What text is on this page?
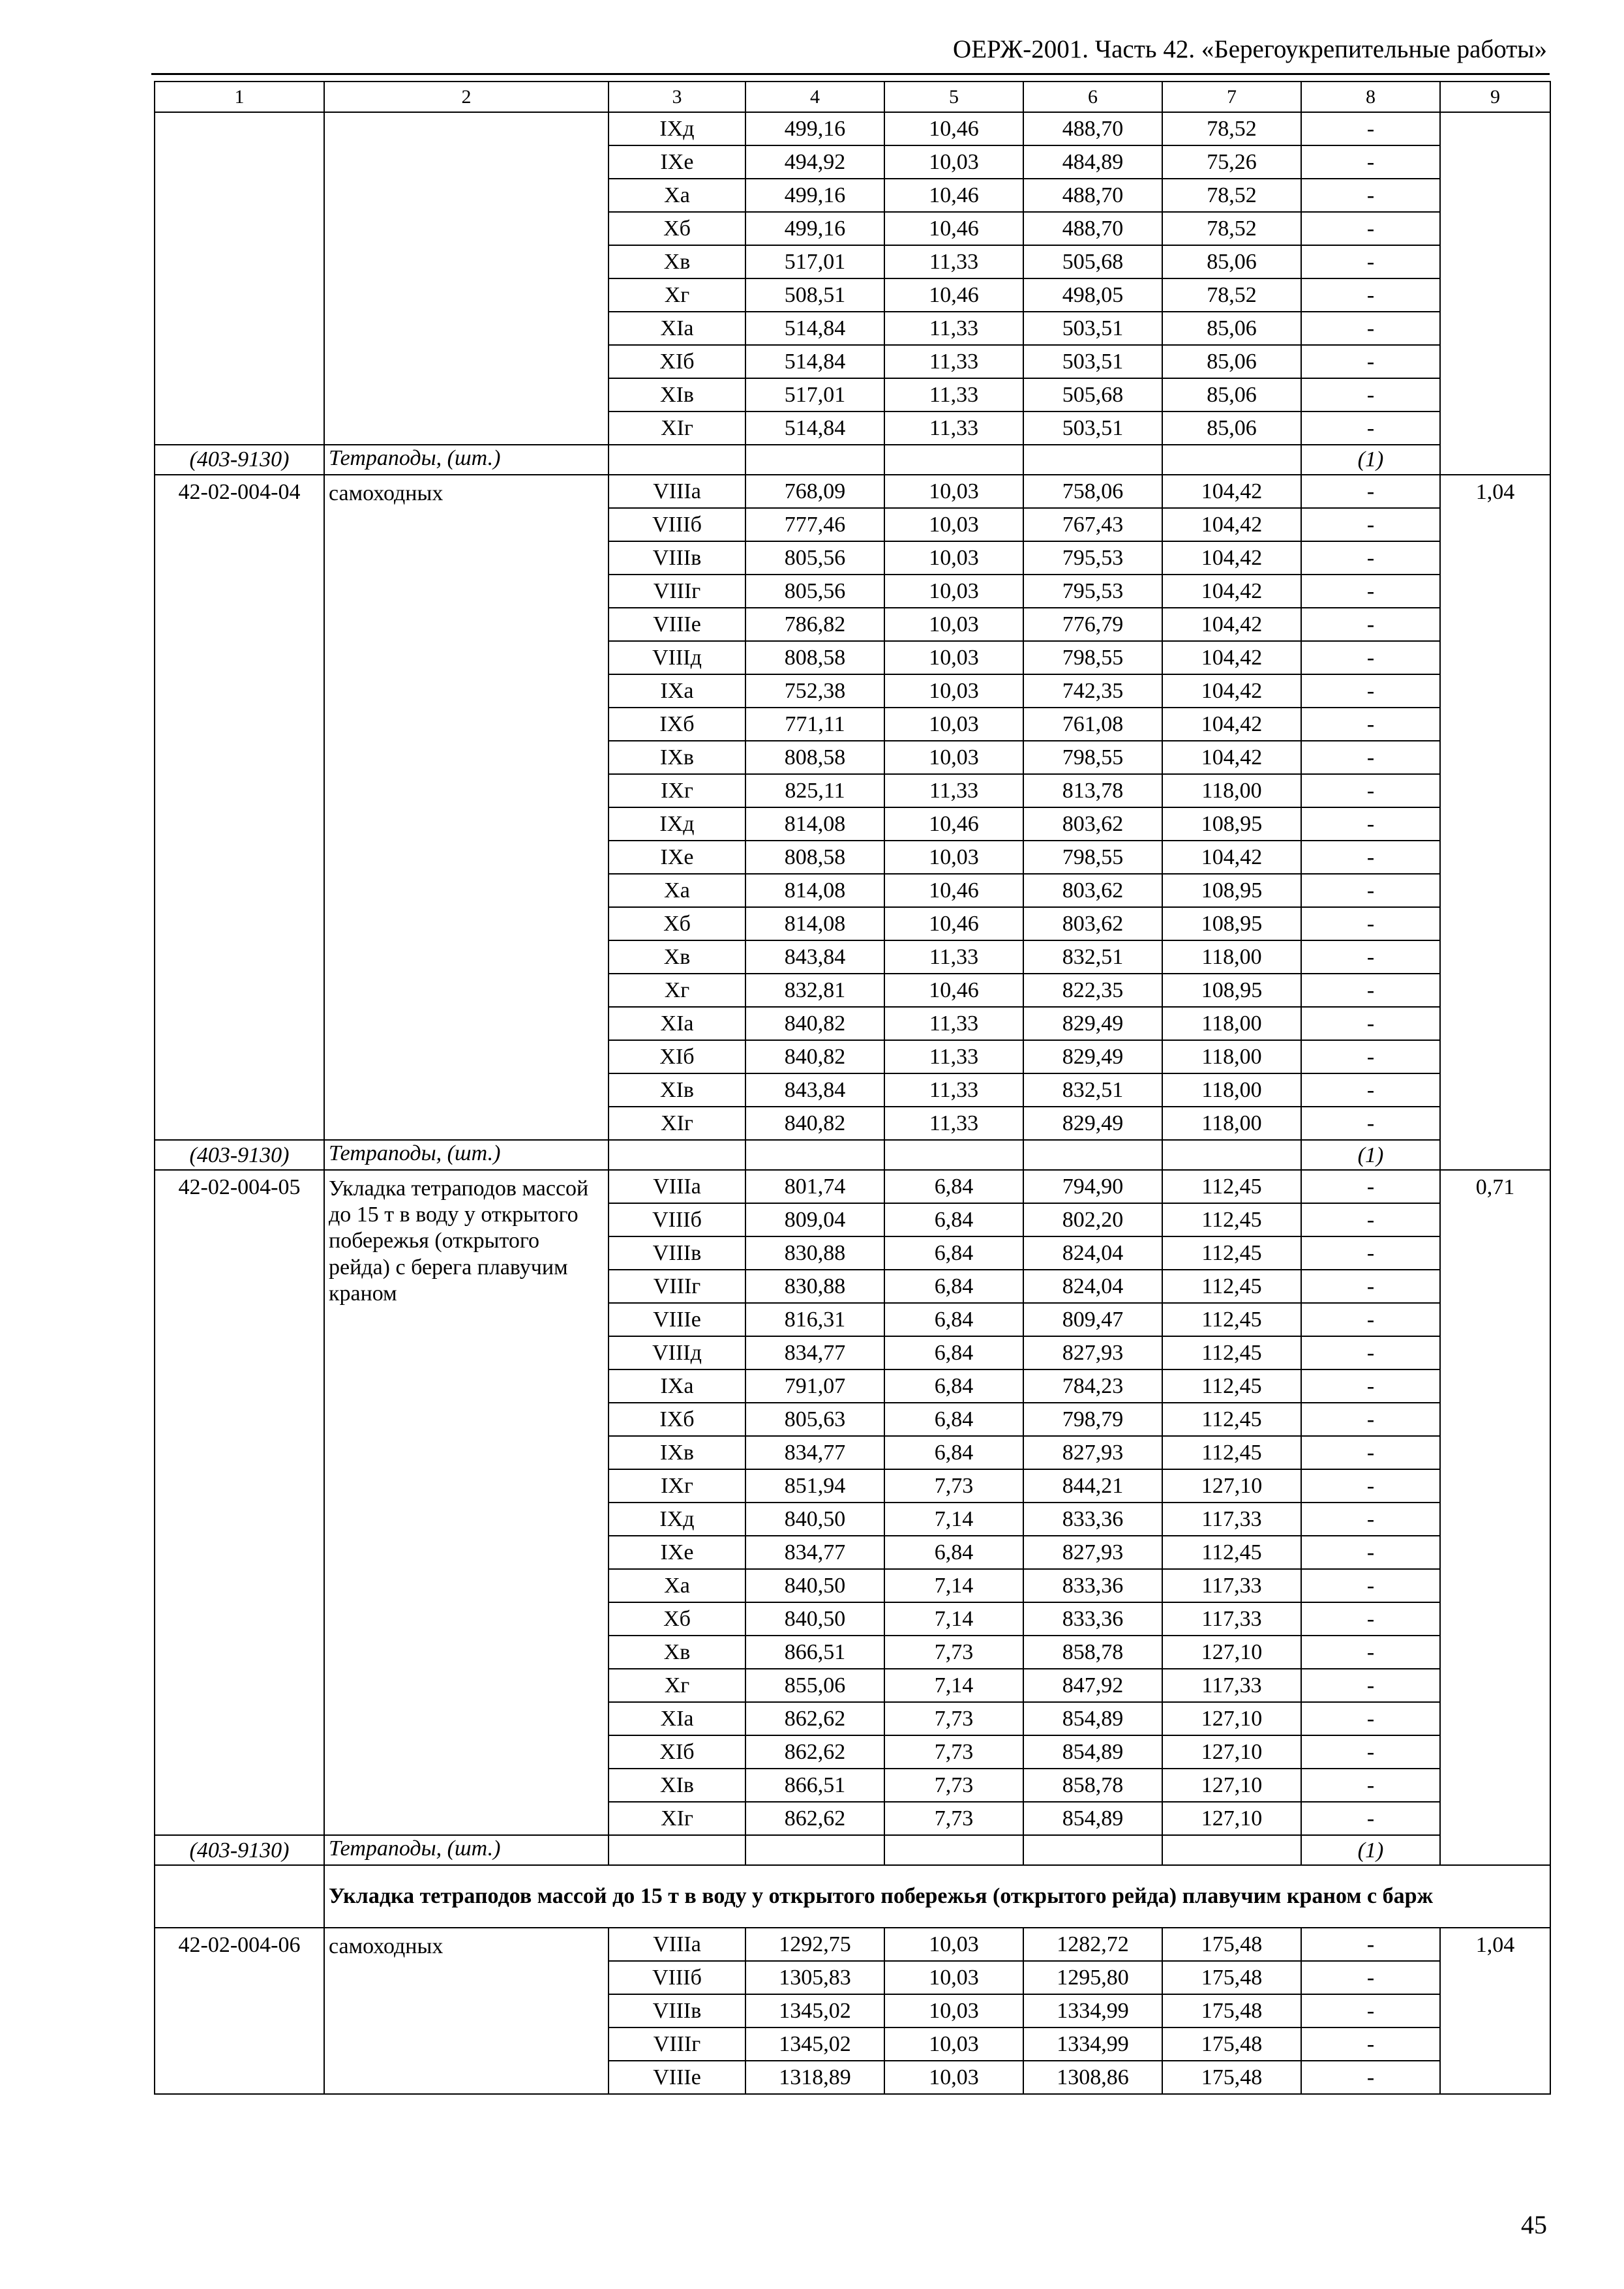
ОЕРЖ-2001. Часть 42. «Берегоукрепительные работы»
1	2	3	4	5	6	7	8	9
		IXд	499,16	10,46	488,70	78,52	-	
		IXe	494,92	10,03	484,89	75,26	-	
		Xa	499,16	10,46	488,70	78,52	-	
		Xб	499,16	10,46	488,70	78,52	-	
		Xв	517,01	11,33	505,68	85,06	-	
		Xг	508,51	10,46	498,05	78,52	-	
		XIa	514,84	11,33	503,51	85,06	-	
		XIб	514,84	11,33	503,51	85,06	-	
		XIв	517,01	11,33	505,68	85,06	-	
		XIг	514,84	11,33	503,51	85,06	-	
(403-9130)	Тетраподы, (шт.)						(1)	
42-02-004-04	самоходных	VIIIa	768,09	10,03	758,06	104,42	-	1,04
		VIIIб	777,46	10,03	767,43	104,42	-	
		VIIIв	805,56	10,03	795,53	104,42	-	
		VIIIг	805,56	10,03	795,53	104,42	-	
		VIIIe	786,82	10,03	776,79	104,42	-	
		VIIIд	808,58	10,03	798,55	104,42	-	
		IXa	752,38	10,03	742,35	104,42	-	
		IXб	771,11	10,03	761,08	104,42	-	
		IXв	808,58	10,03	798,55	104,42	-	
		IXг	825,11	11,33	813,78	118,00	-	
		IXд	814,08	10,46	803,62	108,95	-	
		IXe	808,58	10,03	798,55	104,42	-	
		Xa	814,08	10,46	803,62	108,95	-	
		Xб	814,08	10,46	803,62	108,95	-	
		Xв	843,84	11,33	832,51	118,00	-	
		Xг	832,81	10,46	822,35	108,95	-	
		XIa	840,82	11,33	829,49	118,00	-	
		XIб	840,82	11,33	829,49	118,00	-	
		XIв	843,84	11,33	832,51	118,00	-	
		XIг	840,82	11,33	829,49	118,00	-	
(403-9130)	Тетраподы, (шт.)						(1)	
42-02-004-05	Укладка тетраподов массой до 15 т в воду у открытого побережья (открытого рейда) с берега плавучим краном	VIIIa	801,74	6,84	794,90	112,45	-	0,71
		VIIIб	809,04	6,84	802,20	112,45	-	
		VIIIв	830,88	6,84	824,04	112,45	-	
		VIIIг	830,88	6,84	824,04	112,45	-	
		VIIIe	816,31	6,84	809,47	112,45	-	
		VIIIд	834,77	6,84	827,93	112,45	-	
		IXa	791,07	6,84	784,23	112,45	-	
		IXб	805,63	6,84	798,79	112,45	-	
		IXв	834,77	6,84	827,93	112,45	-	
		IXг	851,94	7,73	844,21	127,10	-	
		IXд	840,50	7,14	833,36	117,33	-	
		IXe	834,77	6,84	827,93	112,45	-	
		Xa	840,50	7,14	833,36	117,33	-	
		Xб	840,50	7,14	833,36	117,33	-	
		Xв	866,51	7,73	858,78	127,10	-	
		Xг	855,06	7,14	847,92	117,33	-	
		XIa	862,62	7,73	854,89	127,10	-	
		XIб	862,62	7,73	854,89	127,10	-	
		XIв	866,51	7,73	858,78	127,10	-	
		XIг	862,62	7,73	854,89	127,10	-	
(403-9130)	Тетраподы, (шт.)						(1)	
	Укладка тетраподов массой до 15 т в воду у открытого побережья (открытого рейда) плавучим краном с барж							
42-02-004-06	самоходных	VIIIa	1292,75	10,03	1282,72	175,48	-	1,04
		VIIIб	1305,83	10,03	1295,80	175,48	-	
		VIIIв	1345,02	10,03	1334,99	175,48	-	
		VIIIг	1345,02	10,03	1334,99	175,48	-	
		VIIIe	1318,89	10,03	1308,86	175,48	-	
45
